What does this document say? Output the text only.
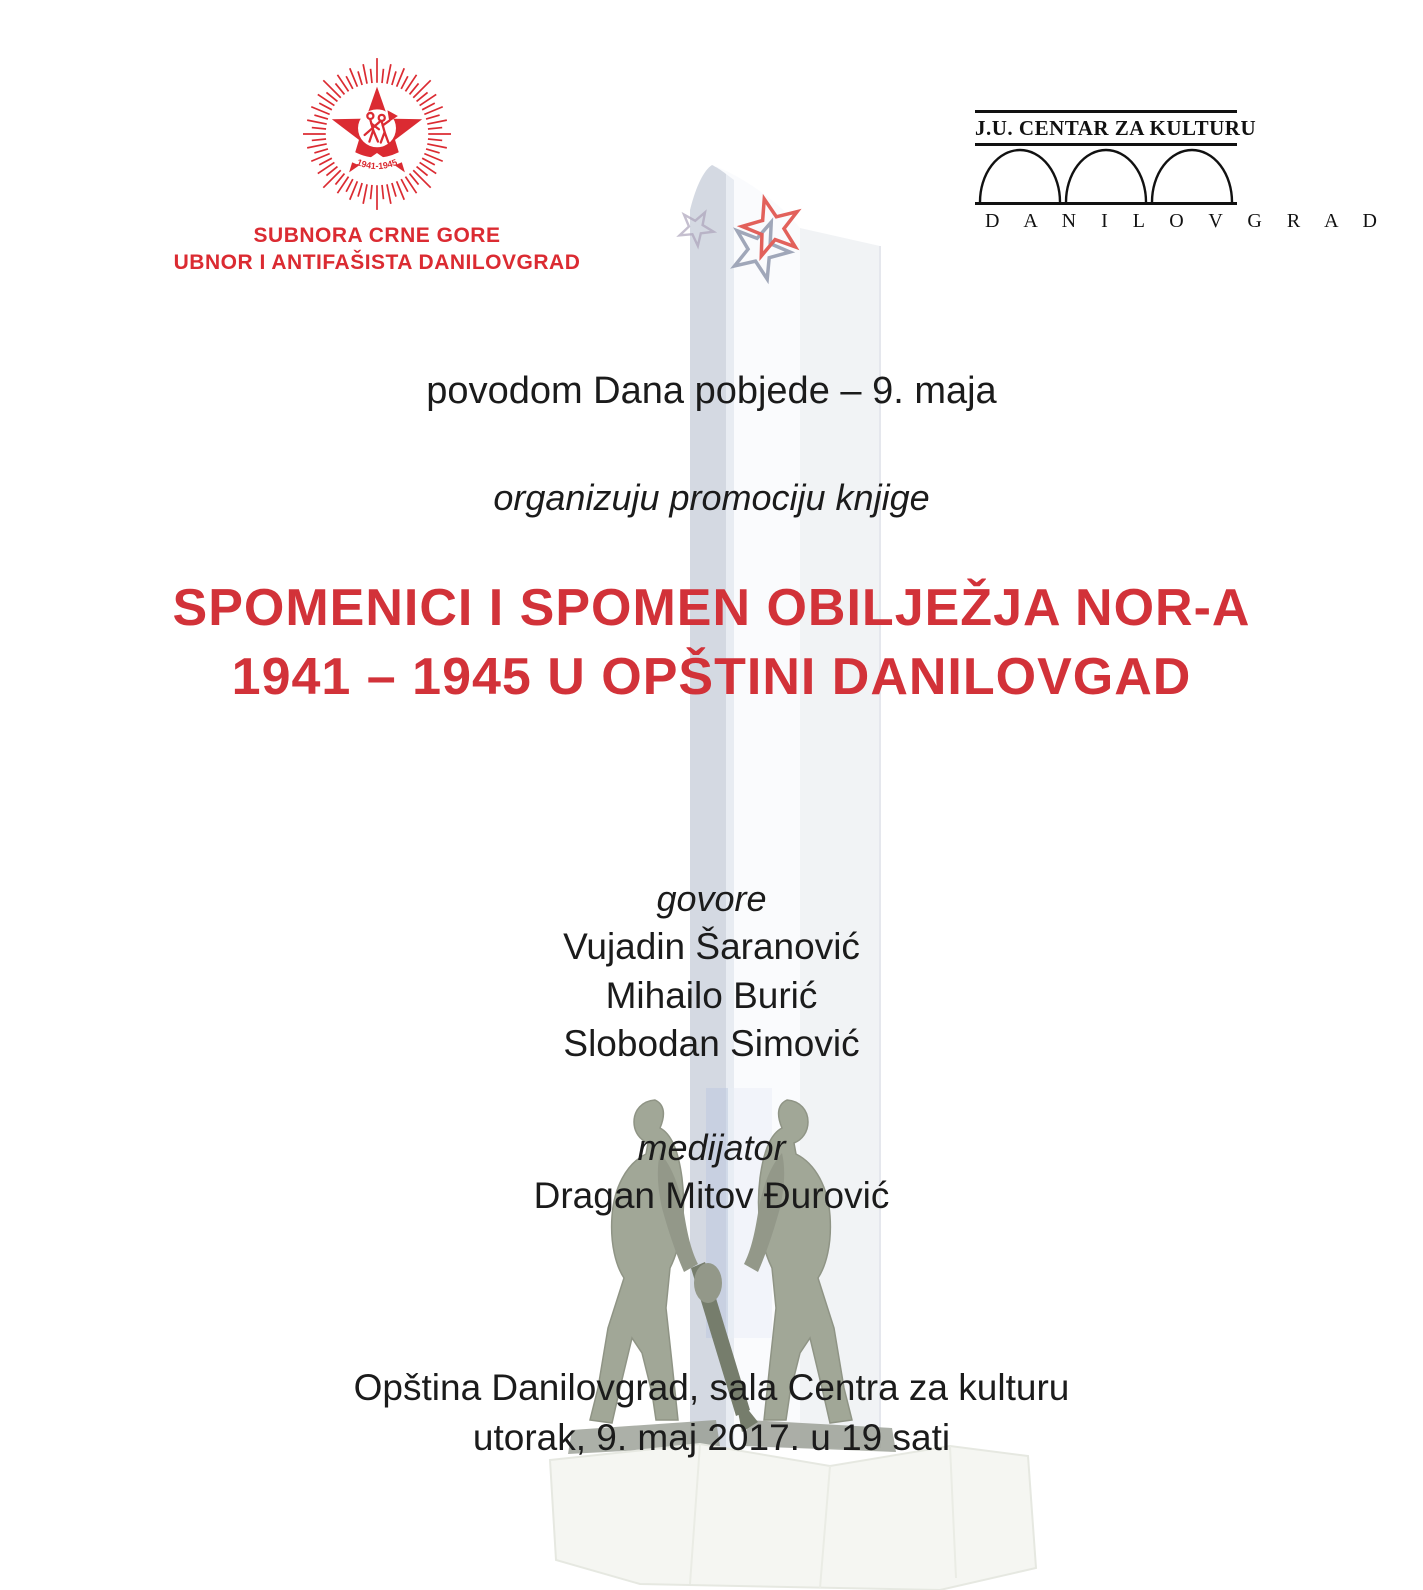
1941-1945
SUBNORA CRNE GORE
UBNOR I ANTIFAŠISTA DANILOVGRAD
J.U. CENTAR ZA KULTURU
D A N I L O V G R A D
povodom Dana pobjede – 9. maja
organizuju promociju knjige
SPOMENICI I SPOMEN OBILJEŽJA NOR-A
1941 – 1945 U OPŠTINI DANILOVGAD
govore
Vujadin Šaranović
Mihailo Burić
Slobodan Simović
medijator
Dragan Mitov Đurović
Opština Danilovgrad, sala Centra za kulturu
utorak, 9. maj 2017. u 19 sati
